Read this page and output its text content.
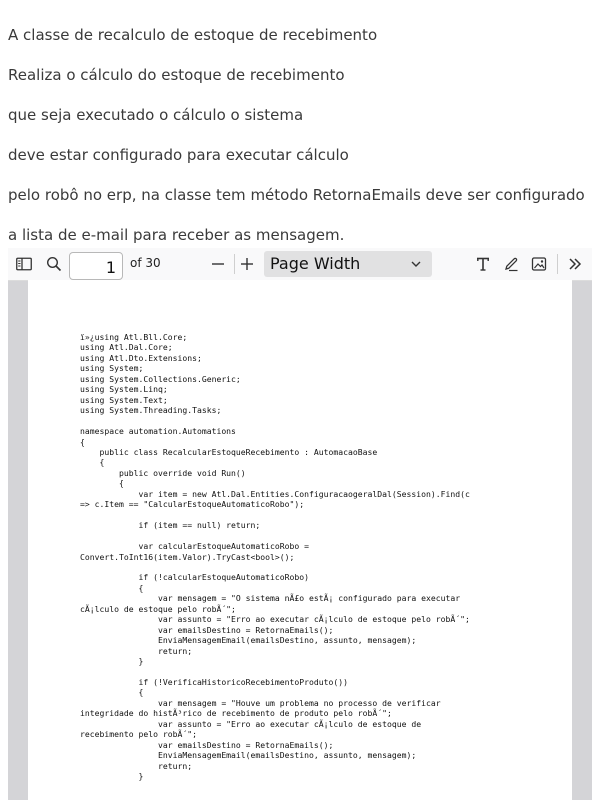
A classe de recalculo de estoque de recebimento

Realiza o cálculo do estoque de recebimento

que seja executado o cálculo o sistema

deve estar configurado para executar cálculo

pelo robô no erp, na classe tem método RetornaEmails deve ser configurado

a lista de e-mail para receber as mensagem.

1
of 30	Page Width
ï»¿using Atl.Bll.Core;
using Atl.Dal.Core;
using Atl.Dto.Extensions;
using System;
using System.Collections.Generic;
using System.Linq;
using System.Text;
using System.Threading.Tasks;

namespace automation.Automations
{
public class RecalcularEstoqueRecebimento : AutomacaoBase
{
public override void Run()
{
var item = new Atl.Dal.Entities.ConfiguracaogeralDal(Session).Find(c
=> c.Item == "CalcularEstoqueAutomaticoRobo");

if (item == null) return;

var calcularEstoqueAutomaticoRobo =
Convert.ToInt16(item.Valor).TryCast<bool>();

if (!calcularEstoqueAutomaticoRobo)
{
var mensagem = "O sistema nÃ£o estÃ¡ configurado para executar
cÃ¡lculo de estoque pelo robÃ´";
var assunto = "Erro ao executar cÃ¡lculo de estoque pelo robÃ´";
var emailsDestino = RetornaEmails();
EnviaMensagemEmail(emailsDestino, assunto, mensagem);
return;
}

if (!VerificaHistoricoRecebimentoProduto())
{
var mensagem = "Houve um problema no processo de verificar
integridade do histÃ³rico de recebimento de produto pelo robÃ´";
var assunto = "Erro ao executar cÃ¡lculo de estoque de
recebimento pelo robÃ´";
var emailsDestino = RetornaEmails();
EnviaMensagemEmail(emailsDestino, assunto, mensagem);
return;
}
